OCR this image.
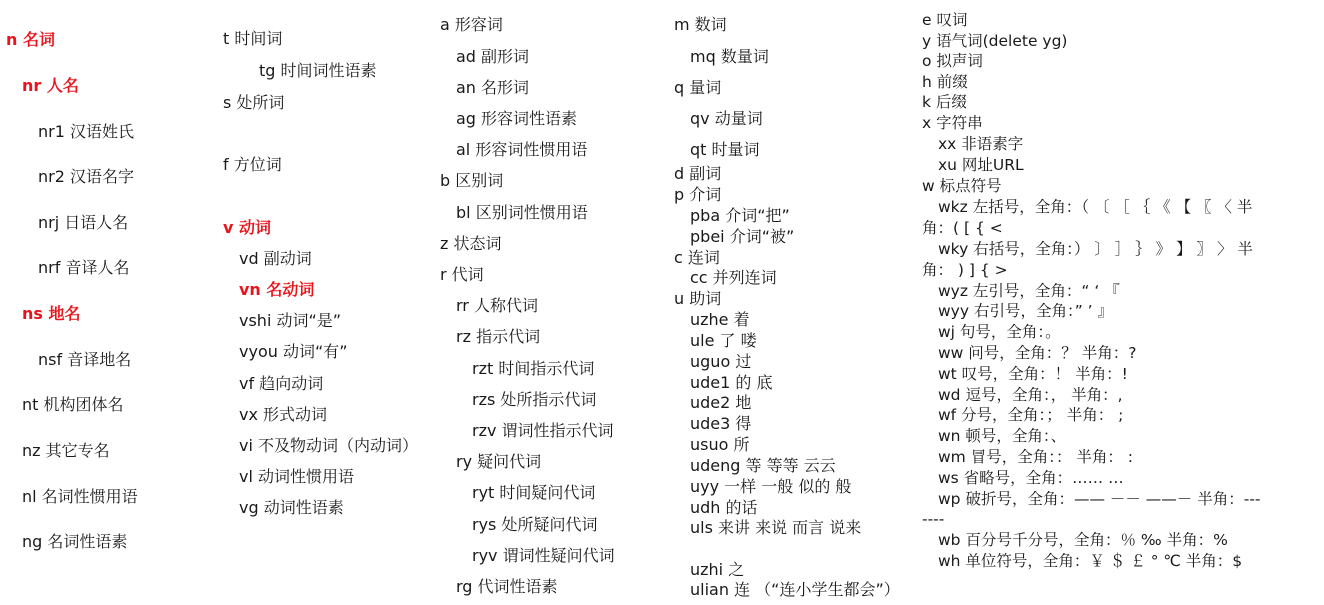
n 名词
nr 人名
nr1 汉语姓氏
nr2 汉语名字
nrj 日语人名
nrf 音译人名
ns 地名
nsf 音译地名
nt 机构团体名
nz 其它专名
nl 名词性惯用语
ng 名词性语素
t 时间词
tg 时间词性语素
s 处所词
f 方位词
v 动词
vd 副动词
vn 名动词
vshi 动词“是”
vyou 动词“有”
vf 趋向动词
vx 形式动词
vi 不及物动词（内动词）
vl 动词性惯用语
vg 动词性语素
a 形容词
ad 副形词
an 名形词
ag 形容词性语素
al 形容词性惯用语
b 区别词
bl 区别词性惯用语
z 状态词
r 代词
rr 人称代词
rz 指示代词
rzt 时间指示代词
rzs 处所指示代词
rzv 谓词性指示代词
ry 疑问代词
ryt 时间疑问代词
rys 处所疑问代词
ryv 谓词性疑问代词
rg 代词性语素
m 数词
mq 数量词
q 量词
qv 动量词
qt 时量词
d 副词
p 介词
pba 介词“把”
pbei 介词“被”
c 连词
cc 并列连词
u 助词
uzhe 着
ule 了 喽
uguo 过
ude1 的 底
ude2 地
ude3 得
usuo 所
udeng 等 等等 云云
uyy 一样 一般 似的 般
udh 的话
uls 来讲 来说 而言 说来
uzhi 之
ulian 连 （“连小学生都会”）
e 叹词
y 语气词(delete yg)
o 拟声词
h 前缀
k 后缀
x 字符串
xx 非语素字
xu 网址URL
w 标点符号
wkz 左括号，全角：（ 〔 ［ ｛ 《 【 〖 〈 半
角：( [ { <
wky 右括号，全角：） 〕 ］ ｝ 》 】 〗 〉 半
角： ) ] { >
wyz 左引号，全角：“ ‘ 『
wyy 右引号，全角：” ’ 』
wj 句号，全角：。
ww 问号，全角：？ 半角：?
wt 叹号，全角：！ 半角：!
wd 逗号，全角：， 半角：,
wf 分号，全角：； 半角： ;
wn 顿号，全角：、
wm 冒号，全角：： 半角： :
ws 省略号，全角：…… …
wp 破折号，全角：—— －－ ——－ 半角：---
----
wb 百分号千分号，全角：％ ‰ 半角：%
wh 单位符号，全角：￥ ＄ ￡ ° ℃ 半角：$
